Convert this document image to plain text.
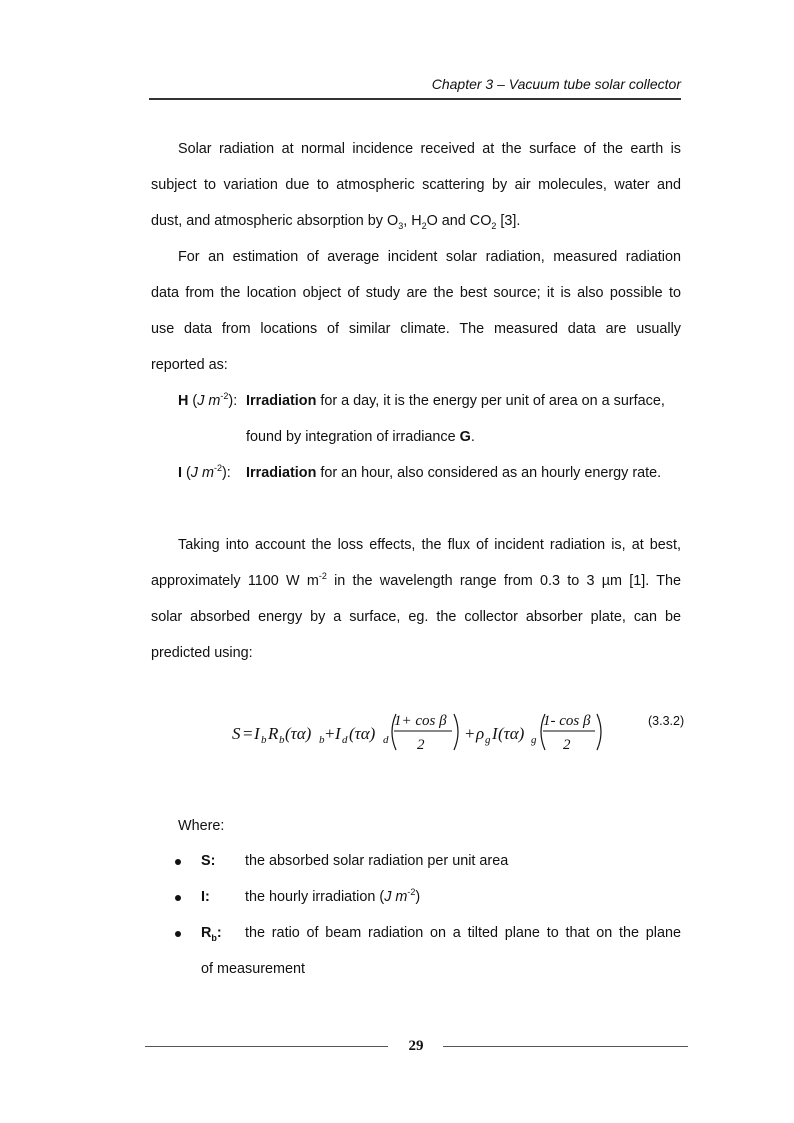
Chapter 3 – Vacuum tube solar collector
Solar radiation at normal incidence received at the surface of the earth is
subject to variation due to atmospheric scattering by air molecules, water and
dust, and atmospheric absorption by $O_3$, $H_2O$ and $CO_2$ [3].
For an estimation of average incident solar radiation, measured radiation
data from the location object of study are the best source; it is also possible to
use data from locations of similar climate. The measured data are usually
reported as:
H (J $m^{-2}$): Irradiation for a day, it is the energy per unit of area on a surface,
found by integration of irradiance G.
I (J $m^{-2}$):	Irradiation for an hour, also considered as an hourly energy rate.
Taking into account the loss effects, the flux of incident radiation is, at best,
approximately 1100 W $m^{-2}$ in the wavelength range from 0.3 to 3 µm [1]. The
solar absorbed energy by a surface, eg. the collector absorber plate, can be
predicted using:
S = I b R b (τα) b + I d (τα) d
1+ cos β
2
+ ρ g I (τα) g
1- cos β
2
(3.3.2)
Where:
S:	the absorbed solar radiation per unit area
I:	the hourly irradiation (J $m^{-2}$)
$R_b$:	the ratio of beam radiation on a tilted plane to that on the plane
of measurement
29
